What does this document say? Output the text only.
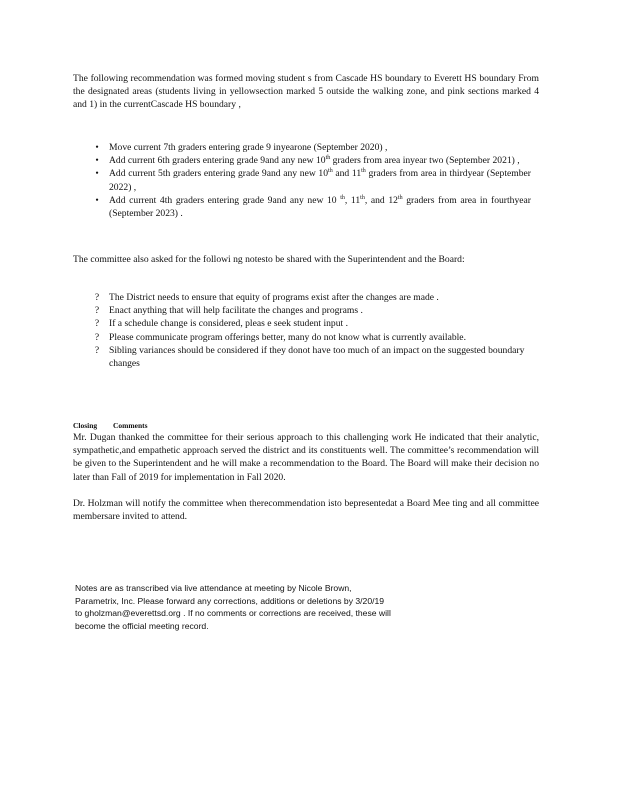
The following recommendation was formed moving student s from Cascade HS boundary to Everett HS boundary From the designated areas (students living in yellowsection marked 5 outside the walking zone, and pink sections marked 4 and 1) in the currentCascade HS boundary ,

•	Move current 7th graders entering grade 9 inyearone (September 2020) ,
•	Add current 6th graders entering grade 9and any new 10th graders from area inyear two (September 2021) ,
•	Add current 5th graders entering grade 9and any new 10th and 11th graders from area in thirdyear (September 2022) ,
•	Add current 4th graders entering grade 9and any new 10 $^{th}$, 11th, and 12th graders from area in fourthyear (September 2023) .

The committee also asked for the followi ng notesto be shared with the Superintendent and the Board:

?	The District needs to ensure that equity of programs exist after the changes are made .
?	Enact anything that will help facilitate the changes and programs .
?	If a schedule change is considered, pleas e seek student input .
?	Please communicate program offerings better, many do not know what is currently available.
?	Sibling variances should be considered if they donot have too much of an impact on the suggested boundary changes
Closing Comments

Mr. Dugan thanked the committee for their serious approach to this challenging work He indicated that their analytic, sympathetic,and empathetic approach served the district and its constituents well. The committee’s recommendation will be given to the Superintendent and he will make a recommendation to the Board. The Board will make their decision no later than Fall of 2019 for implementation in Fall 2020.

Dr. Holzman will notify the committee when therecommendation isto bepresentedat a Board Mee ting and all committee membersare invited to attend.

Notes are as transcribed via live attendance at meeting by Nicole Brown,
Parametrix, Inc. Please forward any corrections, additions or deletions by 3/20/19
to gholzman@everettsd.org . If no comments or corrections are received, these will
become the official meeting record.
